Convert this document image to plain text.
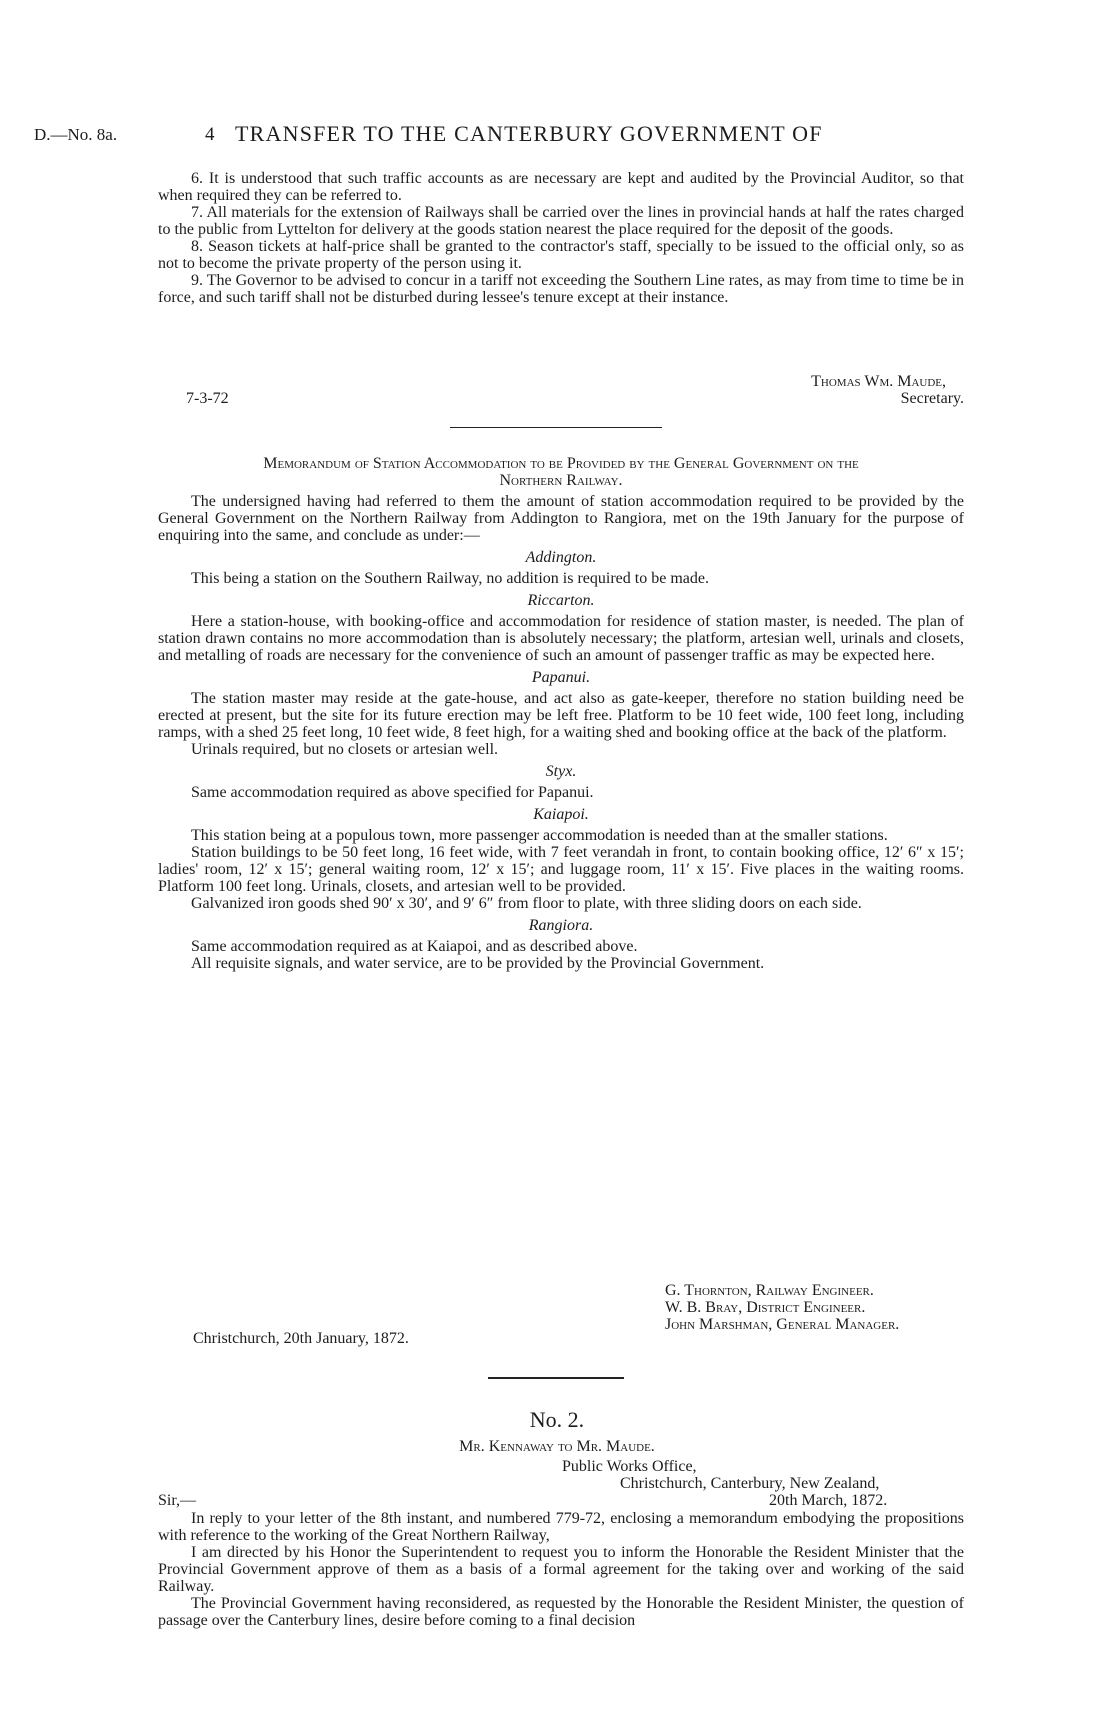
D.—No. 8a.	4 TRANSFER TO THE CANTERBURY GOVERNMENT OF

6. It is understood that such traffic accounts as are necessary are kept and audited by the Provincial Auditor, so that when required they can be referred to.

7. All materials for the extension of Railways shall be carried over the lines in provincial hands at half the rates charged to the public from Lyttelton for delivery at the goods station nearest the place required for the deposit of the goods.

8. Season tickets at half-price shall be granted to the contractor's staff, specially to be issued to the official only, so as not to become the private property of the person using it.

9. The Governor to be advised to concur in a tariff not exceeding the Southern Line rates, as may from time to time be in force, and such tariff shall not be disturbed during lessee's tenure except at their instance.

Thomas Wm. Maude,
7-3-72	Secretary.

Memorandum of Station Accommodation to be Provided by the General Government on the

Northern Railway.

The undersigned having had referred to them the amount of station accommodation required to be provided by the General Government on the Northern Railway from Addington to Rangiora, met on the 19th January for the purpose of enquiring into the same, and conclude as under:—

Addington.

This being a station on the Southern Railway, no addition is required to be made.

Riccarton.

Here a station-house, with booking-office and accommodation for residence of station master, is needed. The plan of station drawn contains no more accommodation than is absolutely necessary; the platform, artesian well, urinals and closets, and metalling of roads are necessary for the convenience of such an amount of passenger traffic as may be expected here.

Papanui.

The station master may reside at the gate-house, and act also as gate-keeper, therefore no station building need be erected at present, but the site for its future erection may be left free. Platform to be 10 feet wide, 100 feet long, including ramps, with a shed 25 feet long, 10 feet wide, 8 feet high, for a waiting shed and booking office at the back of the platform.

Urinals required, but no closets or artesian well.

Styx.

Same accommodation required as above specified for Papanui.

Kaiapoi.

This station being at a populous town, more passenger accommodation is needed than at the smaller stations.

Station buildings to be 50 feet long, 16 feet wide, with 7 feet verandah in front, to contain booking office, 12′ 6″ x 15′; ladies' room, 12′ x 15′; general waiting room, 12′ x 15′; and luggage room, 11′ x 15′. Five places in the waiting rooms. Platform 100 feet long. Urinals, closets, and artesian well to be provided.

Galvanized iron goods shed 90′ x 30′, and 9′ 6″ from floor to plate, with three sliding doors on each side.

Rangiora.

Same accommodation required as at Kaiapoi, and as described above.

All requisite signals, and water service, are to be provided by the Provincial Government.

G. Thornton, Railway Engineer.
W. B. Bray, District Engineer.
John Marshman, General Manager.
Christchurch, 20th January, 1872.
No. 2.
Mr. Kennaway to Mr. Maude.
Public Works Office,
Christchurch, Canterbury, New Zealand,
Sir,—	20th March, 1872.

In reply to your letter of the 8th instant, and numbered 779-72, enclosing a memorandum embodying the propositions with reference to the working of the Great Northern Railway,

I am directed by his Honor the Superintendent to request you to inform the Honorable the Resident Minister that the Provincial Government approve of them as a basis of a formal agreement for the taking over and working of the said Railway.

The Provincial Government having reconsidered, as requested by the Honorable the Resident Minister, the question of passage over the Canterbury lines, desire before coming to a final decision
